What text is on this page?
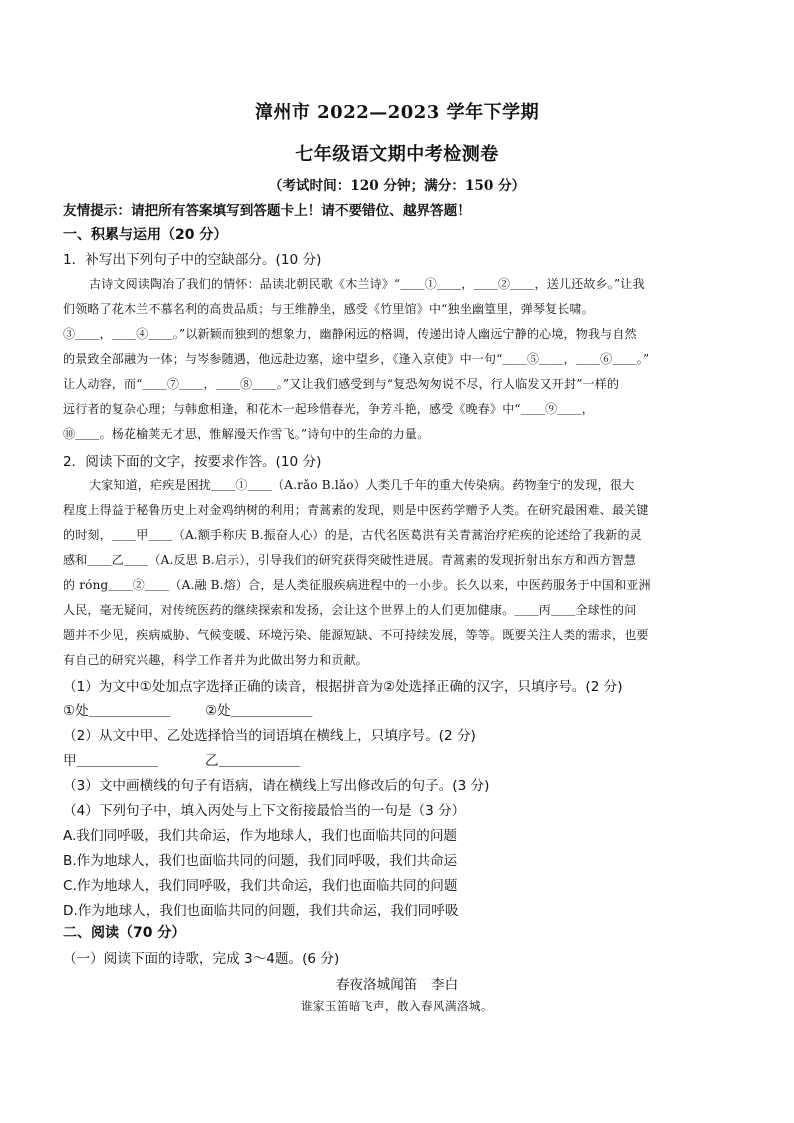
漳州市 2022—2023 学年下学期
七年级语文期中考检测卷
（考试时间：120 分钟；满分：150 分）
友情提示：请把所有答案填写到答题卡上！请不要错位、越界答题！
一、积累与运用（20 分）
1．补写出下列句子中的空缺部分。(10 分)
古诗文阅读陶冶了我们的情怀：品读北朝民歌《木兰诗》“＿＿①＿＿，＿＿②＿＿，送儿还故乡。”让我
们领略了花木兰不慕名利的高贵品质；与王维静坐，感受《竹里馆》中“独坐幽篁里，弹琴复长啸。
③＿＿，＿＿④＿＿。”以新颖而独到的想象力，幽静闲远的格调，传递出诗人幽远宁静的心境，物我与自然
的景致全部融为一体；与岑参随遇，他远赴边塞，途中望乡，《逢入京使》中一句“＿＿⑤＿＿，＿＿⑥＿＿。”
让人动容，而“＿＿⑦＿＿，＿＿⑧＿＿。”又让我们感受到与“复恐匆匆说不尽，行人临发又开封”一样的
远行者的复杂心理；与韩愈相逢，和花木一起珍惜春光，争芳斗艳，感受《晚春》中“＿＿⑨＿＿，
⑩＿＿。杨花榆荚无才思，惟解漫天作雪飞。”诗句中的生命的力量。
2．阅读下面的文字，按要求作答。(10 分)
大家知道，疟疾是困扰＿＿①＿＿（A.rǎo B.lǎo）人类几千年的重大传染病。药物奎宁的发现，很大
程度上得益于秘鲁历史上对金鸡纳树的利用；青蒿素的发现，则是中医药学赠予人类。在研究最困难、最关键
的时刻，＿＿甲＿＿（A.额手称庆 B.振奋人心）的是，古代名医葛洪有关青蒿治疗疟疾的论述给了我新的灵
感和＿＿乙＿＿（A.反思 B.启示），引导我们的研究获得突破性进展。青蒿素的发现折射出东方和西方智慧
的 róng＿＿②＿＿（A.融 B.熔）合，是人类征服疾病进程中的一小步。长久以来，中医药服务于中国和亚洲
人民，毫无疑问，对传统医药的继续探索和发扬，会让这个世界上的人们更加健康。＿＿丙＿＿全球性的问
题并不少见，疾病威胁、气候变暖、环境污染、能源短缺、不可持续发展，等等。既要关注人类的需求，也要
有自己的研究兴趣，科学工作者并为此做出努力和贡献。
（1）为文中①处加点字选择正确的读音，根据拼音为②处选择正确的汉字，只填序号。(2 分)
①处＿＿＿＿＿＿	②处＿＿＿＿＿＿
（2）从文中甲、乙处选择恰当的词语填在横线上，只填序号。(2 分)
甲＿＿＿＿＿＿	乙＿＿＿＿＿＿
（3）文中画横线的句子有语病，请在横线上写出修改后的句子。(3 分)
（4）下列句子中，填入丙处与上下文衔接最恰当的一句是（3 分）
A.我们同呼吸，我们共命运，作为地球人，我们也面临共同的问题
B.作为地球人，我们也面临共同的问题，我们同呼吸，我们共命运
C.作为地球人，我们同呼吸，我们共命运，我们也面临共同的问题
D.作为地球人，我们也面临共同的问题，我们共命运，我们同呼吸
二、阅读（70 分）
（一）阅读下面的诗歌，完成 3～4题。(6 分)
春夜洛城闻笛　李白
谁家玉笛暗飞声，散入春风满洛城。
